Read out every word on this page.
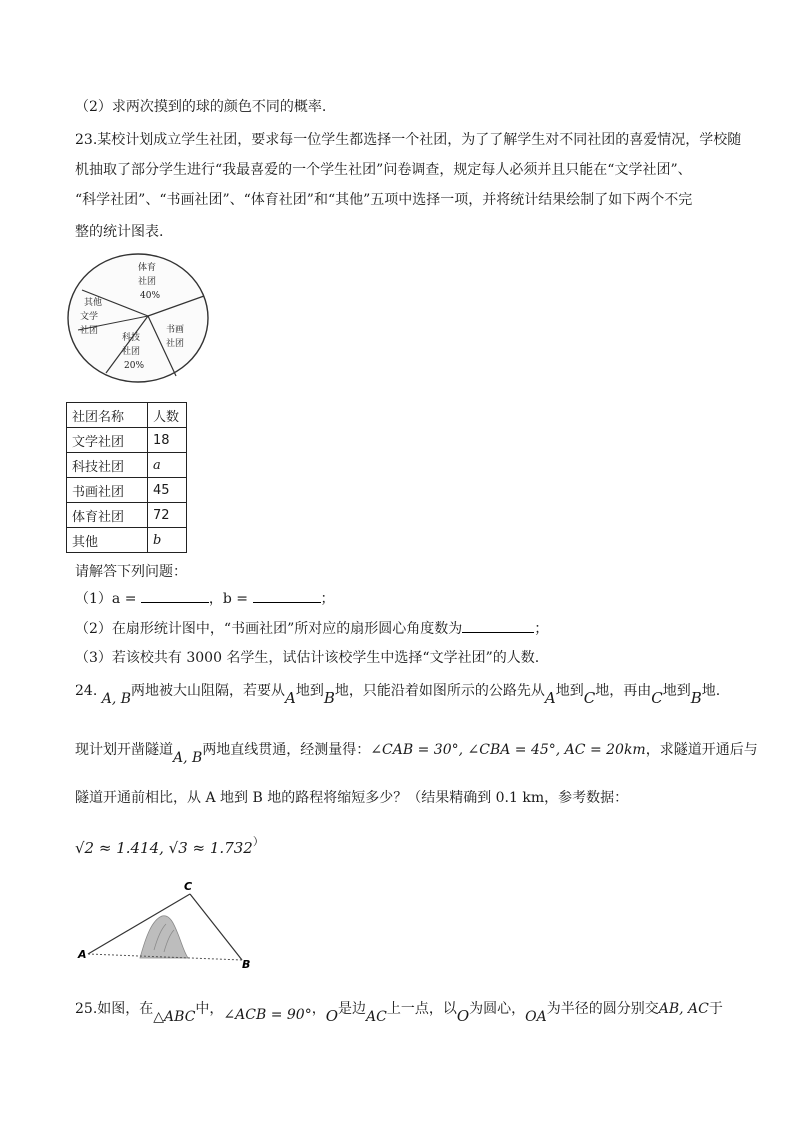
（2）求两次摸到的球的颜色不同的概率.
23.某校计划成立学生社团，要求每一位学生都选择一个社团，为了了解学生对不同社团的喜爱情况，学校随
机抽取了部分学生进行“我最喜爱的一个学生社团”问卷调查，规定每人必须并且只能在“文学社团”、
“科学社团”、“书画社团”、“体育社团”和“其他”五项中选择一项，并将统计结果绘制了如下两个不完
整的统计图表.
体育
社团
40%
其他
文学
社团
科技
社团
20%
书画
社团
社团名称	人数
文学社团	18
科技社团	a
书画社团	45
体育社团	72
其他	b
请解答下列问题：
（1）a =	，b =	；
（2）在扇形统计图中，“书画社团”所对应的扇形圆心角度数为	；
（3）若该校共有 3000 名学生，试估计该校学生中选择“文学社团”的人数.
24. A, B两地被大山阻隔，若要从A地到B地，只能沿着如图所示的公路先从A地到C地，再由C地到B地.
现计划开凿隧道A, B两地直线贯通，经测量得：∠CAB = 30°, ∠CBA = 45°, AC = 20km，求隧道开通后与
隧道开通前相比，从 A 地到 B 地的路程将缩短多少？（结果精确到 0.1 km，参考数据：
√2 ≈ 1.414, √3 ≈ 1.732）
A
C
B
25.如图，在△ABC中，∠ACB = 90°，O是边AC上一点，以O为圆心，OA为半径的圆分别交AB, AC于
